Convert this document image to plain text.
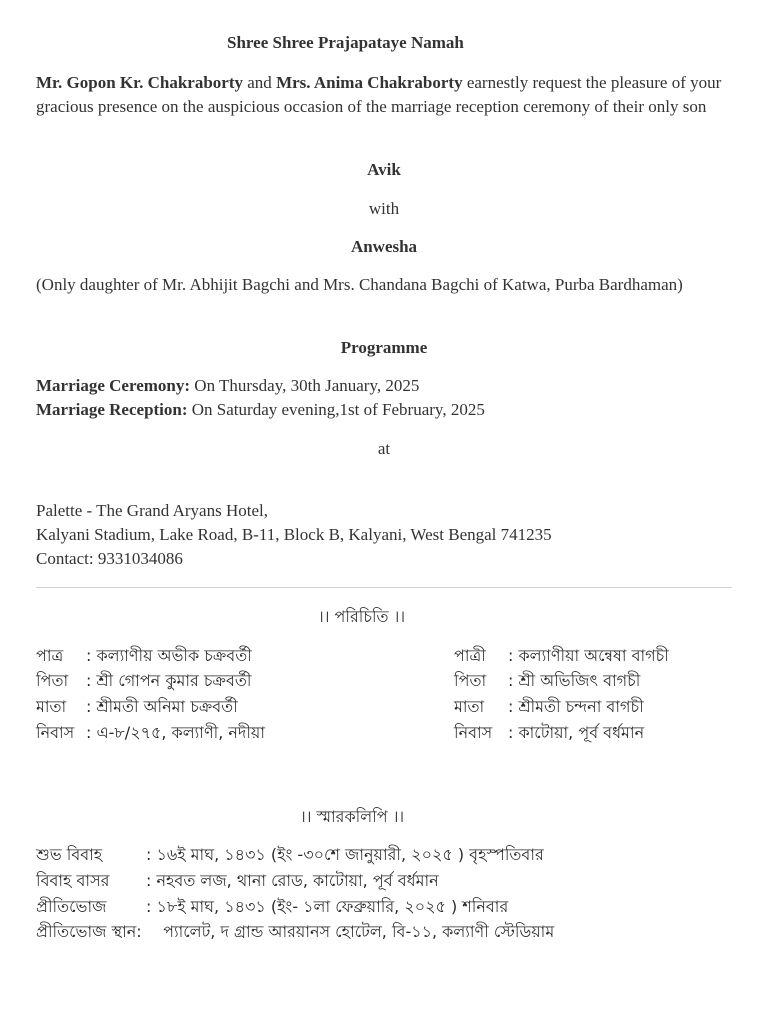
Shree Shree Prajapataye Namah
Mr. Gopon Kr. Chakraborty and Mrs. Anima Chakraborty earnestly request the pleasure of your gracious presence on the auspicious occasion of the marriage reception ceremony of their only son
Avik
with
Anwesha
(Only daughter of Mr. Abhijit Bagchi and Mrs. Chandana Bagchi of Katwa, Purba Bardhaman)
Programme
Marriage Ceremony: On Thursday, 30th January, 2025
Marriage Reception: On Saturday evening,1st of February, 2025
at
Palette - The Grand Aryans Hotel,
Kalyani Stadium, Lake Road, B-11, Block B, Kalyani, West Bengal 741235
Contact: 9331034086
।। পরিচিতি ।।
পাত্র : কল্যাণীয় অভীক চক্রবর্তী
পিতা : শ্রী গোপন কুমার চক্রবর্তী
মাতা : শ্রীমতী অনিমা চক্রবর্তী
নিবাস : এ-৮/২৭৫, কল্যাণী, নদীয়া
পাত্রী : কল্যাণীয়া অন্বেষা বাগচী
পিতা : শ্রী অভিজিৎ বাগচী
মাতা : শ্রীমতী চন্দনা বাগচী
নিবাস : কাটোয়া, পূর্ব বর্ধমান
।। স্মারকলিপি ।।
শুভ বিবাহ	: ১৬ই মাঘ, ১৪৩১ (ইং -৩০শে জানুয়ারী, ২০২৫ ) বৃহস্পতিবার
বিবাহ বাসর : নহবত লজ, থানা রোড, কাটোয়া, পূর্ব বর্ধমান
প্রীতিভোজ : ১৮ই মাঘ, ১৪৩১ (ইং- ১লা ফেব্রুয়ারি, ২০২৫ ) শনিবার
প্রীতিভোজ স্থান: প্যালেট, দ গ্রান্ড আরয়ানস হোটেল, বি-১১, কল্যাণী স্টেডিয়াম
